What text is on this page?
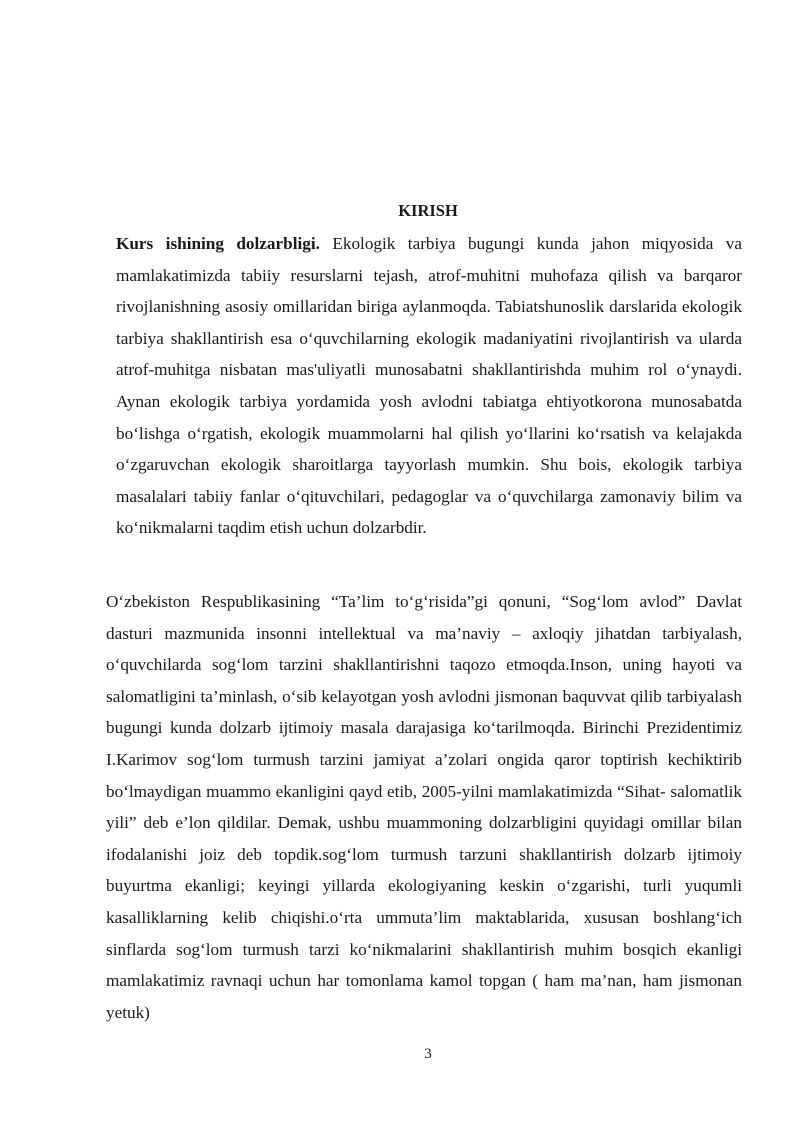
KIRISH
Kurs ishining dolzarbligi. Ekologik tarbiya bugungi kunda jahon miqyosida va mamlakatimizda tabiiy resurslarni tejash, atrof-muhitni muhofaza qilish va barqaror rivojlanishning asosiy omillaridan biriga aylanmoqda. Tabiatshunoslik darslarida ekologik tarbiya shakllantirish esa o‘quvchilarning ekologik madaniyatini rivojlantirish va ularda atrof-muhitga nisbatan mas'uliyatli munosabatni shakllantirishda muhim rol o‘ynaydi. Aynan ekologik tarbiya yordamida yosh avlodni tabiatga ehtiyotkorona munosabatda bo‘lishga o‘rgatish, ekologik muammolarni hal qilish yo‘llarini ko‘rsatish va kelajakda o‘zgaruvchan ekologik sharoitlarga tayyorlash mumkin. Shu bois, ekologik tarbiya masalalari tabiiy fanlar o‘qituvchilari, pedagoglar va o‘quvchilarga zamonaviy bilim va ko‘nikmalarni taqdim etish uchun dolzarbdir.
O‘zbekiston Respublikasining “Ta’lim to‘g‘risida”gi qonuni, “Sog‘lom avlod” Davlat dasturi mazmunida insonni intellektual va ma’naviy – axloqiy jihatdan tarbiyalash, o‘quvchilarda sog‘lom tarzini shakllantirishni taqozo etmoqda.Inson, uning hayoti va salomatligini ta’minlash, o‘sib kelayotgan yosh avlodni jismonan baquvvat qilib tarbiyalash bugungi kunda dolzarb ijtimoiy masala darajasiga ko‘tarilmoqda. Birinchi Prezidentimiz I.Karimov sog‘lom turmush tarzini jamiyat a’zolari ongida qaror toptirish kechiktirib bo‘lmaydigan muammo ekanligini qayd etib, 2005-yilni mamlakatimizda “Sihat- salomatlik yili” deb e’lon qildilar. Demak, ushbu muammoning dolzarbligini quyidagi omillar bilan ifodalanishi joiz deb topdik.sog‘lom turmush tarzuni shakllantirish dolzarb ijtimoiy buyurtma ekanligi; keyingi yillarda ekologiyaning keskin o‘zgarishi, turli yuqumli kasalliklarning kelib chiqishi.o‘rta ummuta’lim maktablarida, xususan boshlang‘ich sinflarda sog‘lom turmush tarzi ko‘nikmalarini shakllantirish muhim bosqich ekanligi mamlakatimiz ravnaqi uchun har tomonlama kamol topgan ( ham ma’nan, ham jismonan yetuk)
3
